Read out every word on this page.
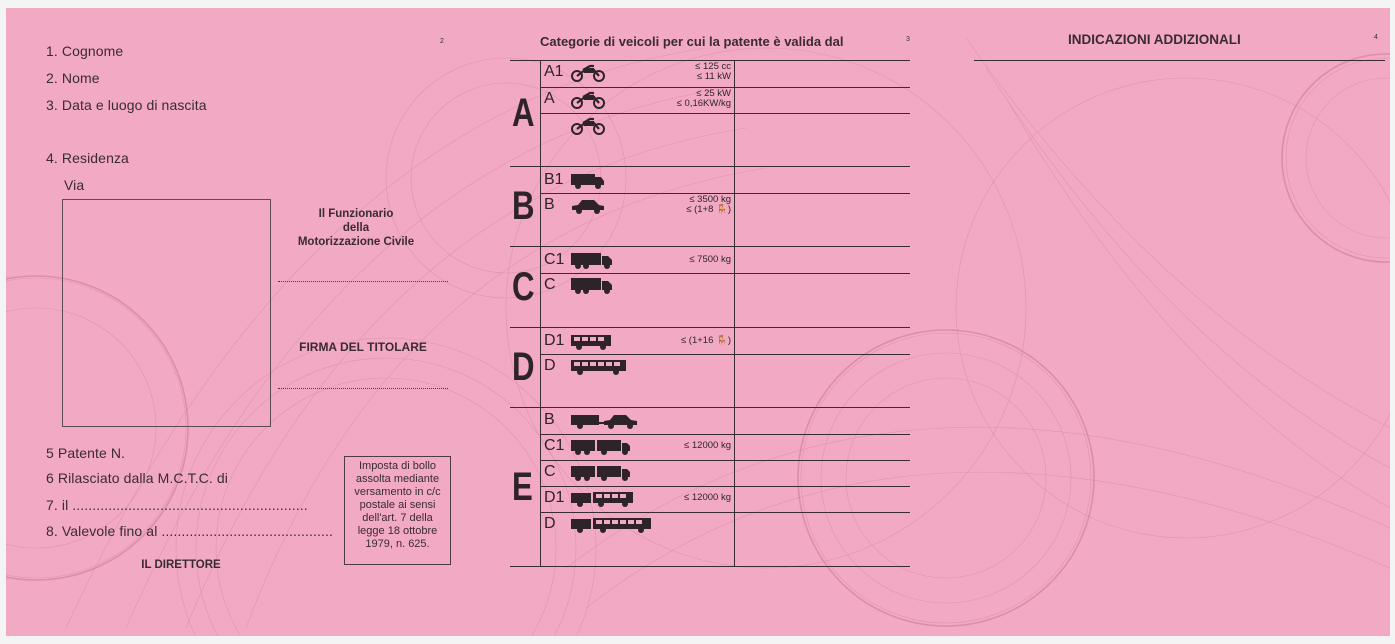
2
1. Cognome
2. Nome
3. Data e luogo di nascita
4. Residenza
Via
Il Funzionario
della
Motorizzazione Civile
FIRMA DEL TITOLARE
5 Patente N.
6 Rilasciato dalla M.C.T.C. di
7. il ...........................................................
8. Valevole fino al ...........................................
IL DIRETTORE
Imposta di bollo
assolta mediante
versamento in c/c
postale ai sensi
dell'art. 7 della
legge 18 ottobre
1979, n. 625.
Categorie di veicoli per cui la patente è valida dal	3
A
A1	≤ 125 cc
≤ 11 kW
A	≤ 25 kW
≤ 0,16KW/kg
B
B1
B	≤ 3500 kg
≤ (1+8 🪑)
C
C1	≤ 7500 kg
C
D
D1	≤ (1+16 🪑)
D
E
B
C1	≤ 12000 kg
C
D1	≤ 12000 kg
D
INDICAZIONI ADDIZIONALI	4
